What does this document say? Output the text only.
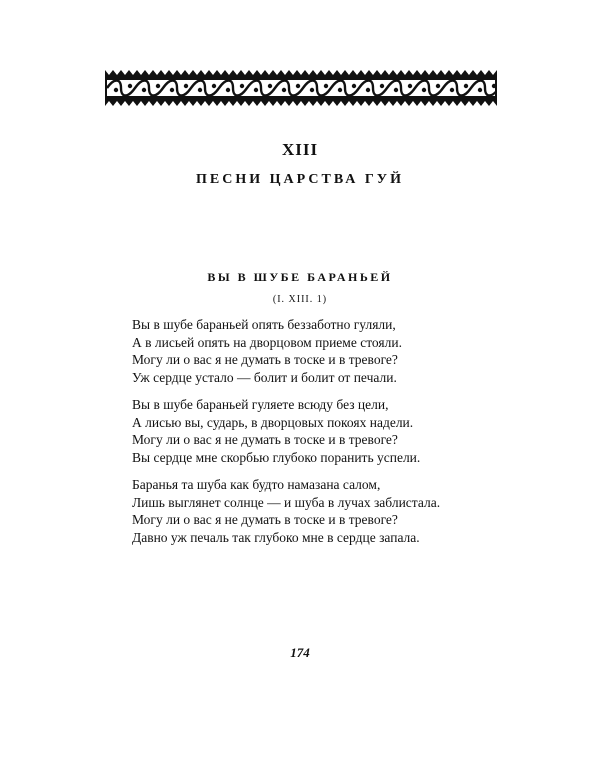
XIII
ПЕСНИ ЦАРСТВА ГУЙ
ВЫ В ШУБЕ БАРАНЬЕЙ
(I. XIII. 1)
Вы в шубе бараньей опять беззаботно гуляли,
А в лисьей опять на дворцовом приеме стояли.
Могу ли о вас я не думать в тоске и в тревоге?
Уж сердце устало — болит и болит от печали.
Вы в шубе бараньей гуляете всюду без цели,
А лисью вы, сударь, в дворцовых покоях надели.
Могу ли о вас я не думать в тоске и в тревоге?
Вы сердце мне скорбью глубоко поранить успели.
Баранья та шуба как будто намазана салом,
Лишь выглянет солнце — и шуба в лучах заблистала.
Могу ли о вас я не думать в тоске и в тревоге?
Давно уж печаль так глубоко мне в сердце запала.
174
